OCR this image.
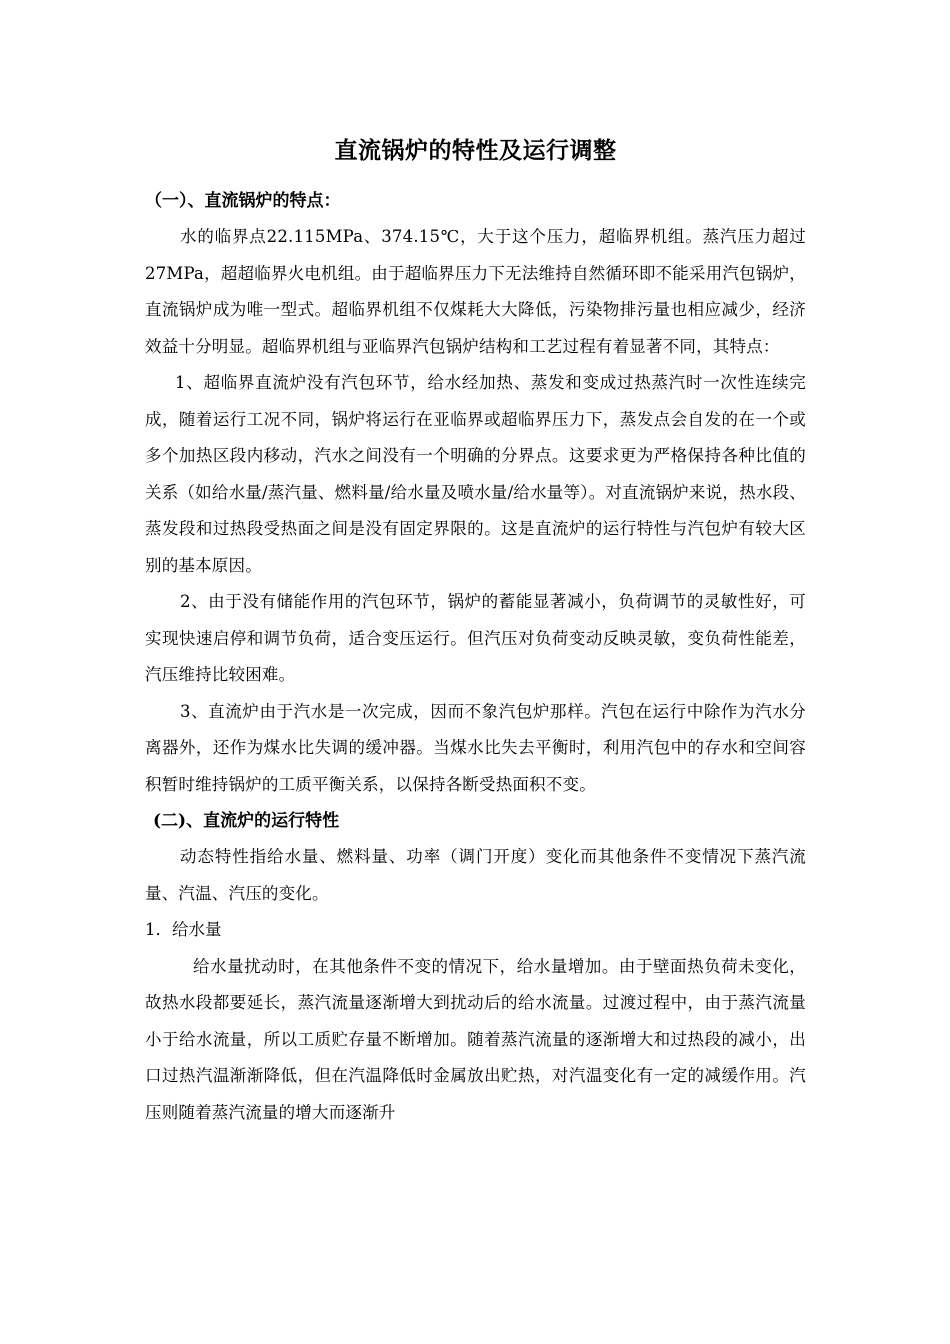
直流锅炉的特性及运行调整

（一）、直流锅炉的特点：

水的临界点22.115MPa、374.15℃，大于这个压力，超临界机组。蒸汽压力超过27MPa，超超临界火电机组。由于超临界压力下无法维持自然循环即不能采用汽包锅炉，直流锅炉成为唯一型式。超临界机组不仅煤耗大大降低，污染物排污量也相应减少，经济效益十分明显。超临界机组与亚临界汽包锅炉结构和工艺过程有着显著不同，其特点：

1、超临界直流炉没有汽包环节，给水经加热、蒸发和变成过热蒸汽时一次性连续完成，随着运行工况不同，锅炉将运行在亚临界或超临界压力下，蒸发点会自发的在一个或多个加热区段内移动，汽水之间没有一个明确的分界点。这要求更为严格保持各种比值的关系（如给水量/蒸汽量、燃料量/给水量及喷水量/给水量等）。对直流锅炉来说，热水段、蒸发段和过热段受热面之间是没有固定界限的。这是直流炉的运行特性与汽包炉有较大区别的基本原因。

2、由于没有储能作用的汽包环节，锅炉的蓄能显著减小，负荷调节的灵敏性好，可实现快速启停和调节负荷，适合变压运行。但汽压对负荷变动反映灵敏，变负荷性能差，汽压维持比较困难。

3、直流炉由于汽水是一次完成，因而不象汽包炉那样。汽包在运行中除作为汽水分离器外，还作为煤水比失调的缓冲器。当煤水比失去平衡时，利用汽包中的存水和空间容积暂时维持锅炉的工质平衡关系，以保持各断受热面积不变。

(二)、直流炉的运行特性

动态特性指给水量、燃料量、功率（调门开度）变化而其他条件不变情况下蒸汽流量、汽温、汽压的变化。

1．给水量

给水量扰动时，在其他条件不变的情况下，给水量增加。由于壁面热负荷未变化，故热水段都要延长，蒸汽流量逐渐增大到扰动后的给水流量。过渡过程中，由于蒸汽流量小于给水流量，所以工质贮存量不断增加。随着蒸汽流量的逐渐增大和过热段的减小，出口过热汽温渐渐降低，但在汽温降低时金属放出贮热，对汽温变化有一定的减缓作用。汽压则随着蒸汽流量的增大而逐渐升
